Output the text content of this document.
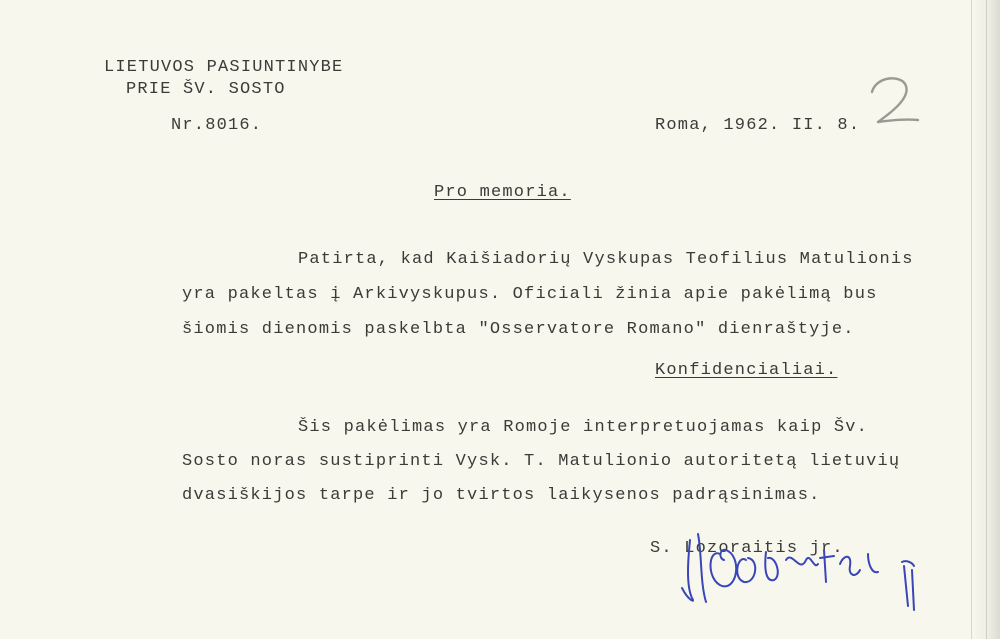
LIETUVOS PASIUNTINYBE
PRIE ŠV. SOSTO
Nr.8016.	Roma, 1962. II. 8.
Pro memoria.
Patirta, kad Kaišiadorių Vyskupas Teofilius Matulionis
yra pakeltas į Arkivyskupus. Oficiali žinia apie pakėlimą bus
šiomis dienomis paskelbta "Osservatore Romano" dienraštyje.
Konfidencialiai.
Šis pakėlimas yra Romoje interpretuojamas kaip Šv.
Sosto noras sustiprinti Vysk. T. Matulionio autoritetą lietuvių
dvasiškijos tarpe ir jo tvirtos laikysenos padrąsinimas.
S. Lozoraitis jr.
